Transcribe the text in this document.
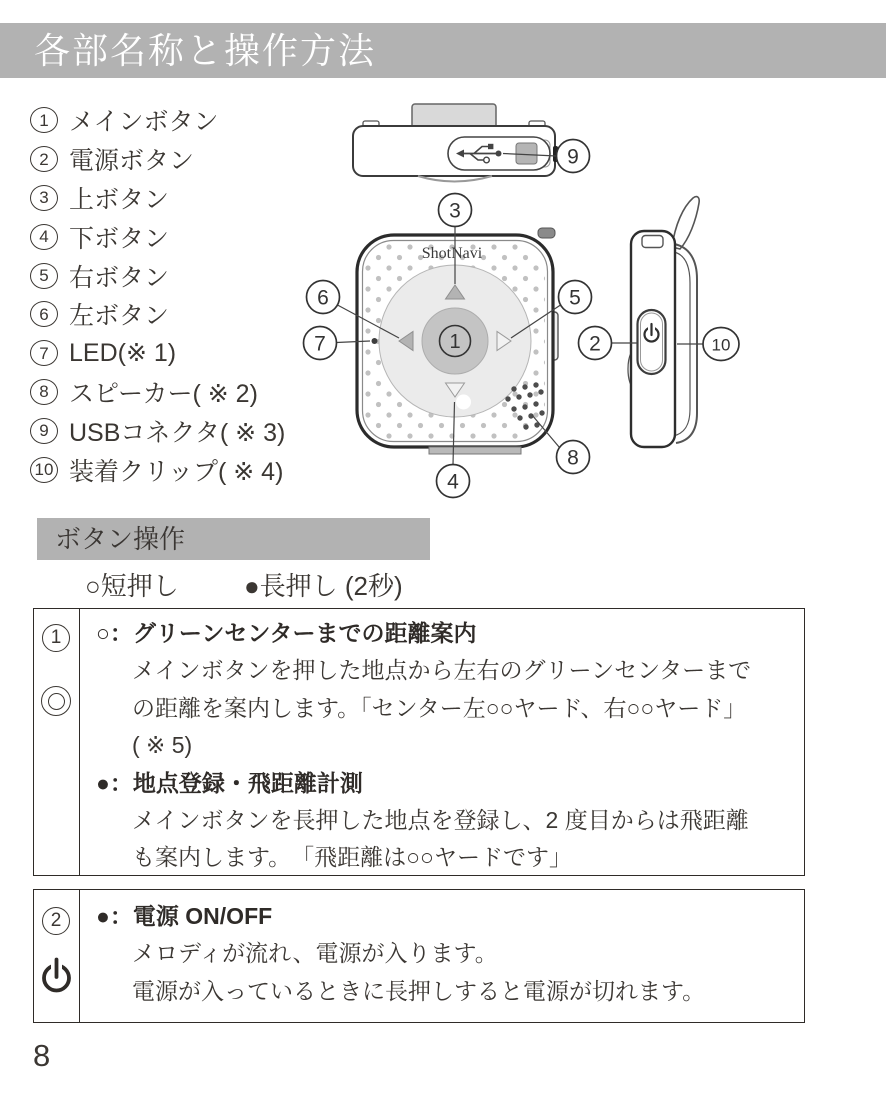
各部名称と操作方法
1 メインボタン
2 電源ボタン
3 上ボタン
4 下ボタン
5 右ボタン
6 左ボタン
7 LED(※ 1)
8 スピーカー( ※ 2)
9 USBコネクタ( ※ 3)
10 装着クリップ( ※ 4)
9
ShotNavi
1
3
6
7
5
4
8
2	10
ボタン操作
○短押し	●長押し (2秒)
1	○：グリーンセンターまでの距離案内

メインボタンを押した地点から左右のグリーンセンターまで

の距離を案内します。「センター左○○ヤード、右○○ヤード」

( ※ 5)

●：地点登録・飛距離計測

メインボタンを長押した地点を登録し、2 度目からは飛距離

も案内します。　「飛距離は○○ヤードです」

2	●：電源 ON/OFF

メロディが流れ、電源が入ります。

電源が入っているときに長押しすると電源が切れます。

8
